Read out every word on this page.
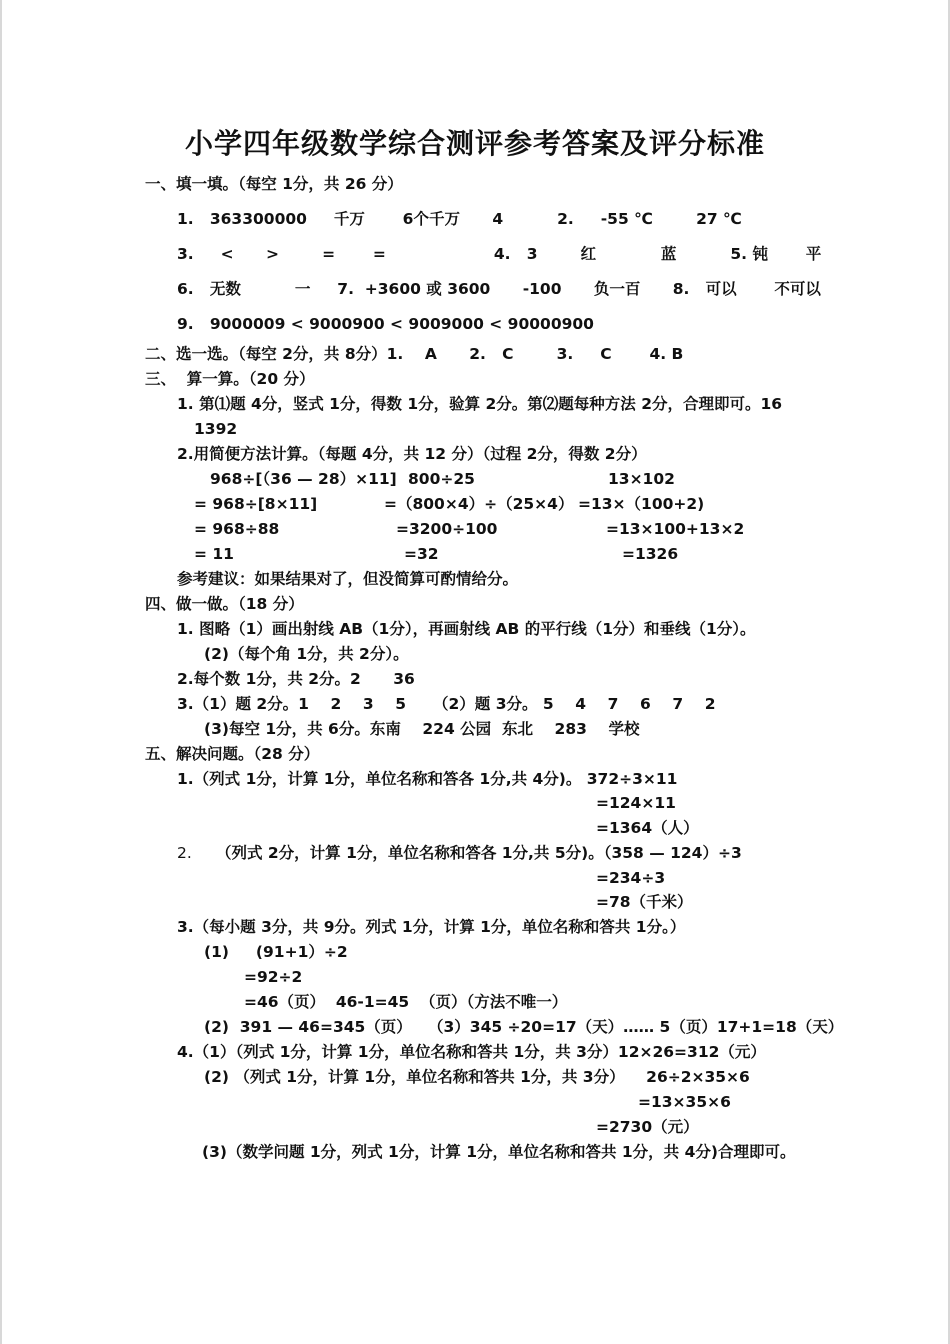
小学四年级数学综合测评参考答案及评分标准
一、填一填。（每空 1分，共 26 分）
1.   363300000     千万       6个千万      4          2.     -55 ℃        27 ℃
3.     <      >        =       =                    4.   3        红            蓝          5. 钝       平
6.   无数          一     7.  +3600 或 3600      -100      负一百      8.   可以       不可以
9.   9000009 < 9000900 < 9009000 < 90000900
二、选一选。（每空 2分，共 8分）1.    A      2.   C        3.     C       4. B
三、  算一算。（20 分）
1. 第⑴题 4分，竖式 1分，得数 1分，验算 2分。第⑵题每种方法 2分，合理即可。16
1392
2.用简便方法计算。（每题 4分，共 12 分）（过程 2分，得数 2分）
968÷[（36 — 28）×11] 800÷25	13×102
= 968÷[8×11]	=（800×4）÷（25×4） =13×（100+2)
= 968÷88	=3200÷100	=13×100+13×2
= 11	=32	=1326
参考建议：如果结果对了，但没简算可酌情给分。
四、做一做。（18 分）
1. 图略（1）画出射线 AB（1分），再画射线 AB 的平行线（1分）和垂线（1分）。
(2)（每个角 1分，共 2分）。
2.每个数 1分，共 2分。2      36
3.（1）题 2分。1    2    3    5     （2）题 3分。 5    4    7    6    7    2
(3)每空 1分，共 6分。东南    224 公园  东北    283    学校
五、解决问题。（28 分）
1.（列式 1分，计算 1分，单位名称和答各 1分,共 4分)。 372÷3×11
=124×11
=1364（人）
2. （列式 2分，计算 1分，单位名称和答各 1分,共 5分)。（358 — 124）÷3
=234÷3
=78（千米）
3.（每小题 3分，共 9分。列式 1分，计算 1分，单位名称和答共 1分。）
(1)     (91+1）÷2
=92÷2
=46（页）  46-1=45  （页）（方法不唯一）
(2)  391 — 46=345（页）   （3）345 ÷20=17（天）…… 5（页）17+1=18（天）
4.（1）（列式 1分，计算 1分，单位名称和答共 1分，共 3分）12×26=312（元）
(2) （列式 1分，计算 1分，单位名称和答共 1分，共 3分）    26÷2×35×6
=13×35×6
=2730（元）
(3)（数学问题 1分，列式 1分，计算 1分，单位名称和答共 1分，共 4分)合理即可。
